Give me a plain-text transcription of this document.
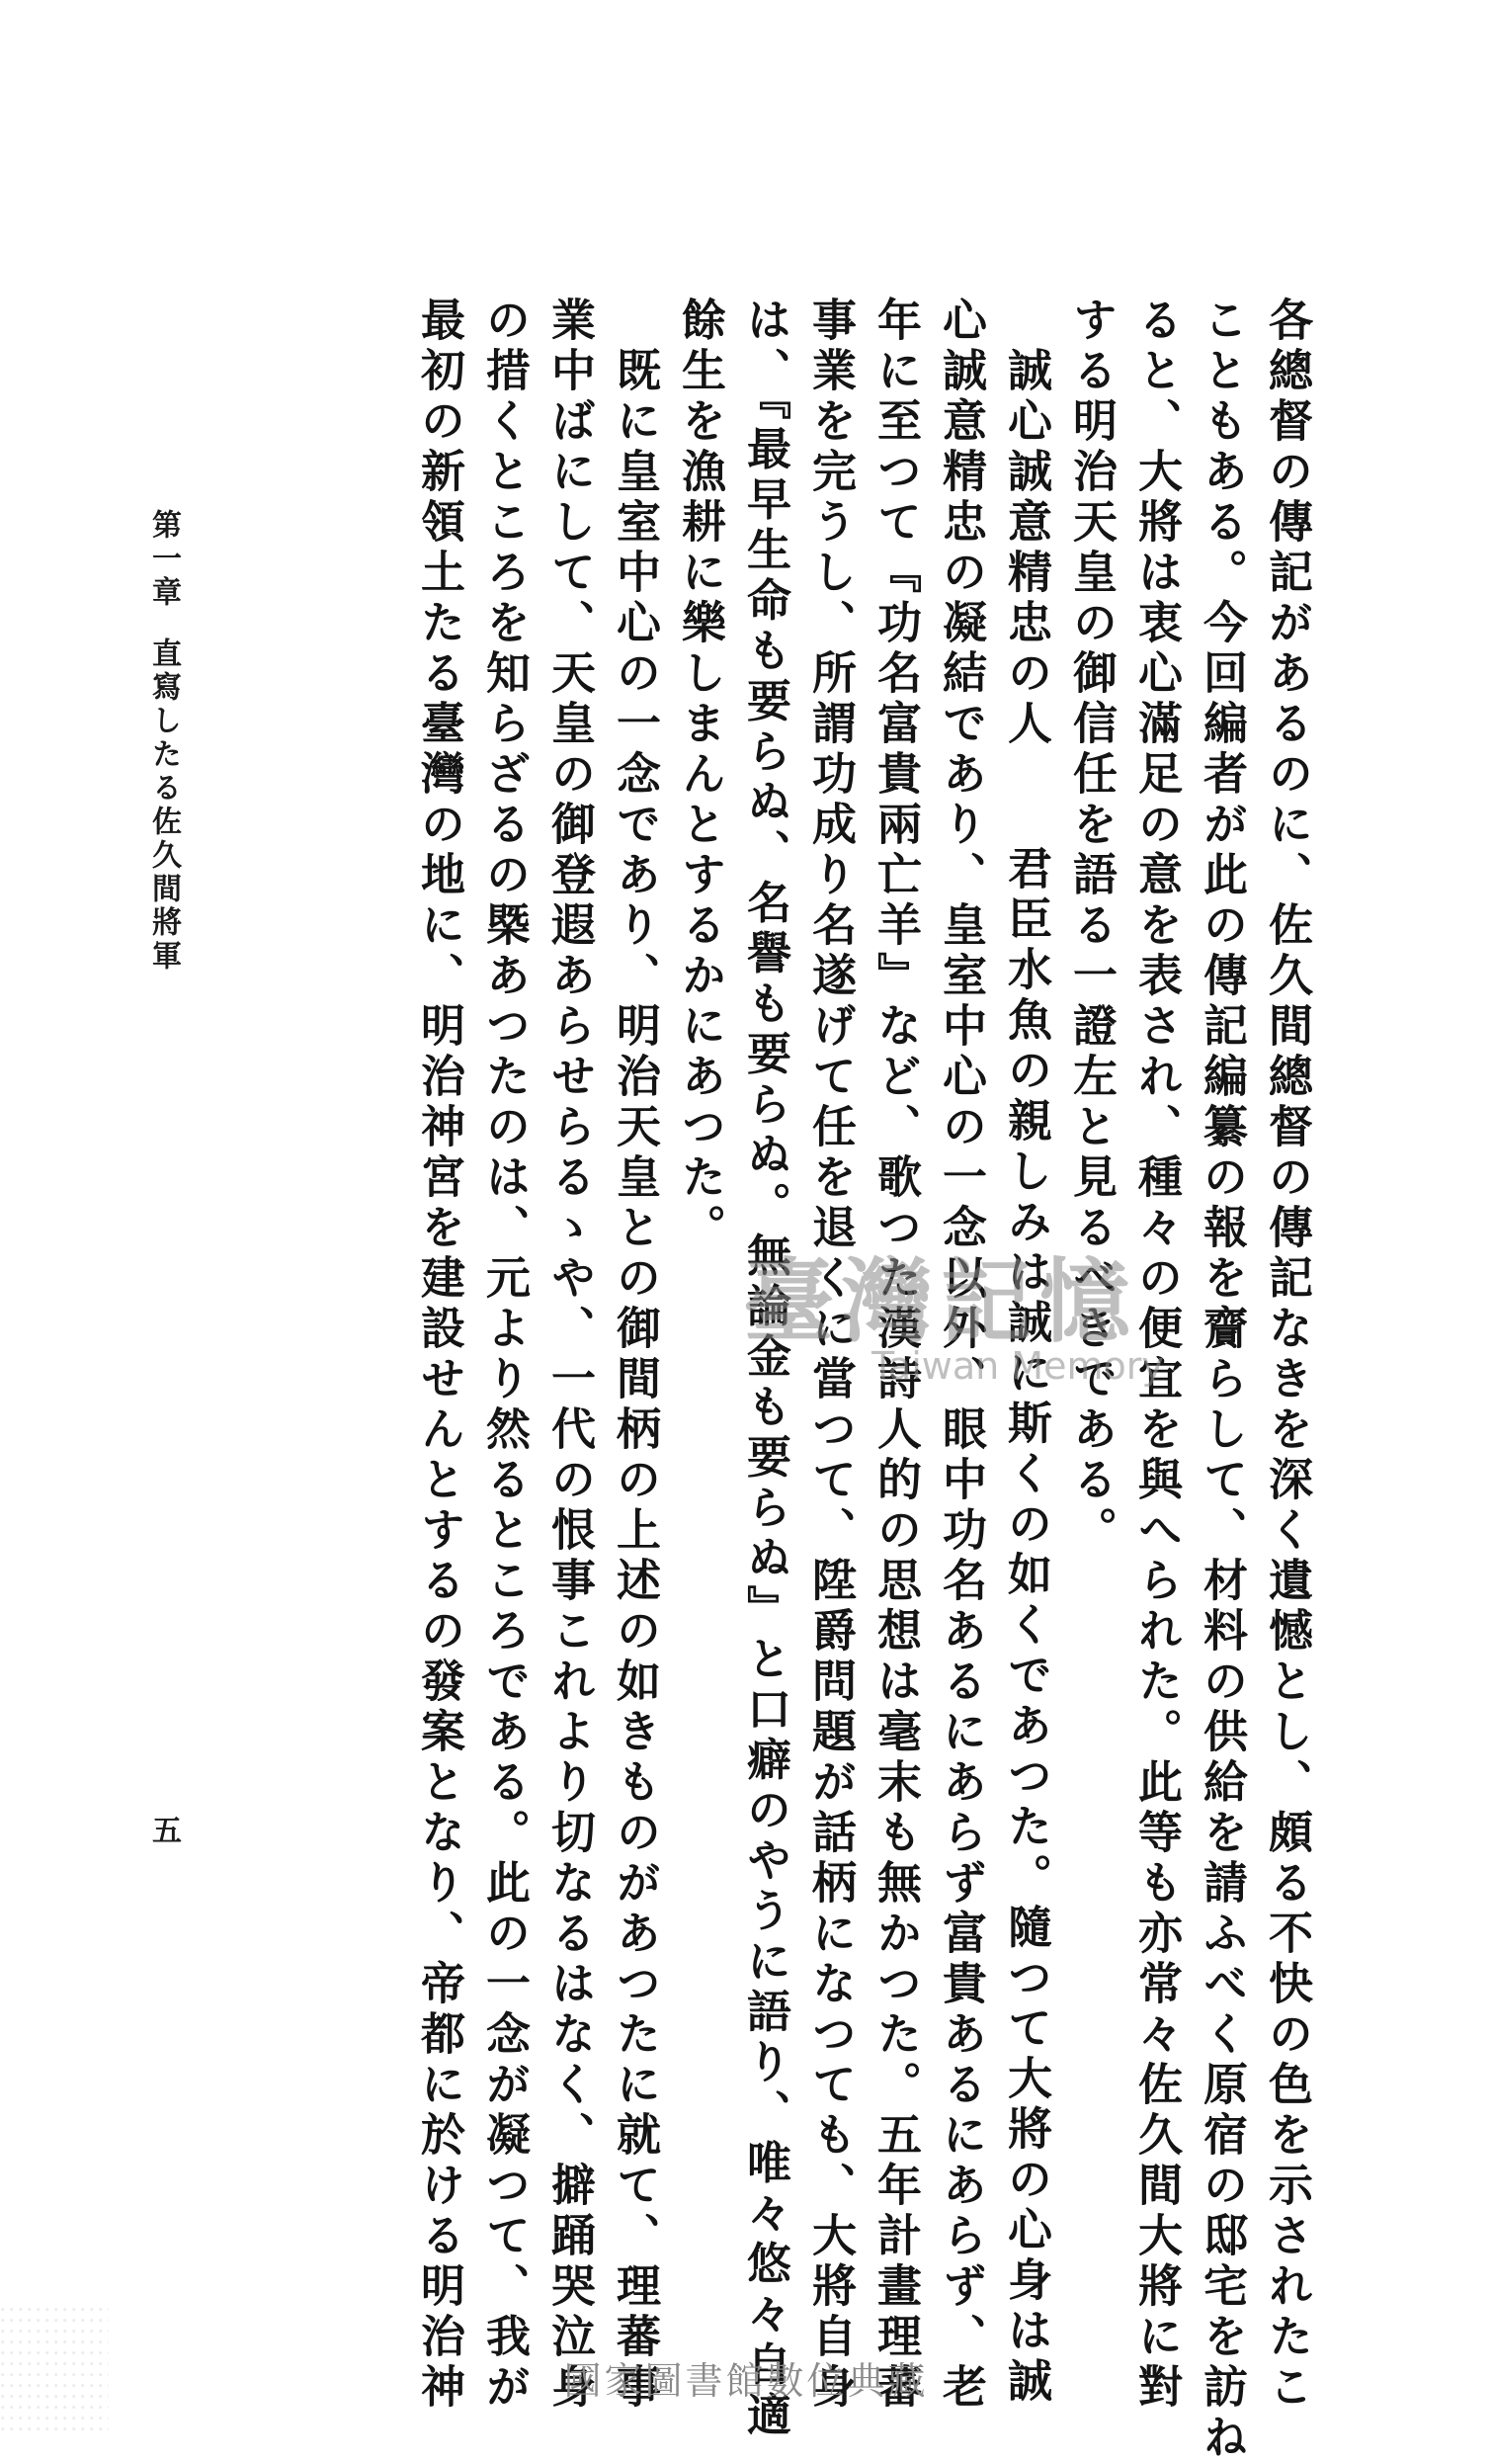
各總督の傳記があるのに、佐久間總督の傳記なきを深く遺憾とし、頗る不快の色を示されたこ
こともある。今回編者が此の傳記編纂の報を齎らして、材料の供給を請ふべく原宿の邸宅を訪ね
ると、大將は衷心滿足の意を表され、種々の便宜を與へられた。此等も亦常々佐久間大將に對
する明治天皇の御信任を語る一證左と見るべきである。
誠心誠意精忠の人君臣水魚の親しみは誠に斯くの如くであつた。隨つて大將の心身は誠
心誠意精忠の凝結であり、皇室中心の一念以外、眼中功名あるにあらず富貴あるにあらず、老
年に至つて『功名富貴兩亡羊』など、歌つた漢詩人的の思想は毫末も無かつた。五年計畫理蕃
事業を完うし、所謂功成り名遂げて任を退くに當つて、陞爵問題が話柄になつても、大將自身
は、『最早生命も要らぬ、名譽も要らぬ。無論金も要らぬ』と口癖のやうに語り、唯々悠々自適
餘生を漁耕に樂しまんとするかにあつた。
既に皇室中心の一念であり、明治天皇との御間柄の上述の如きものがあつたに就て、理蕃事
業中ばにして、天皇の御登遐あらせらるゝや、一代の恨事これより切なるはなく、擗踊哭泣身
の措くところを知らざるの槩あつたのは、元より然るところである。此の一念が凝つて、我が
最初の新領土たる臺灣の地に、明治神宮を建設せんとするの發案となり、帝都に於ける明治神
第一章直寫したる佐久間將軍
五
臺灣記憶
Taiwan Memory
國家圖書館數位典藏
